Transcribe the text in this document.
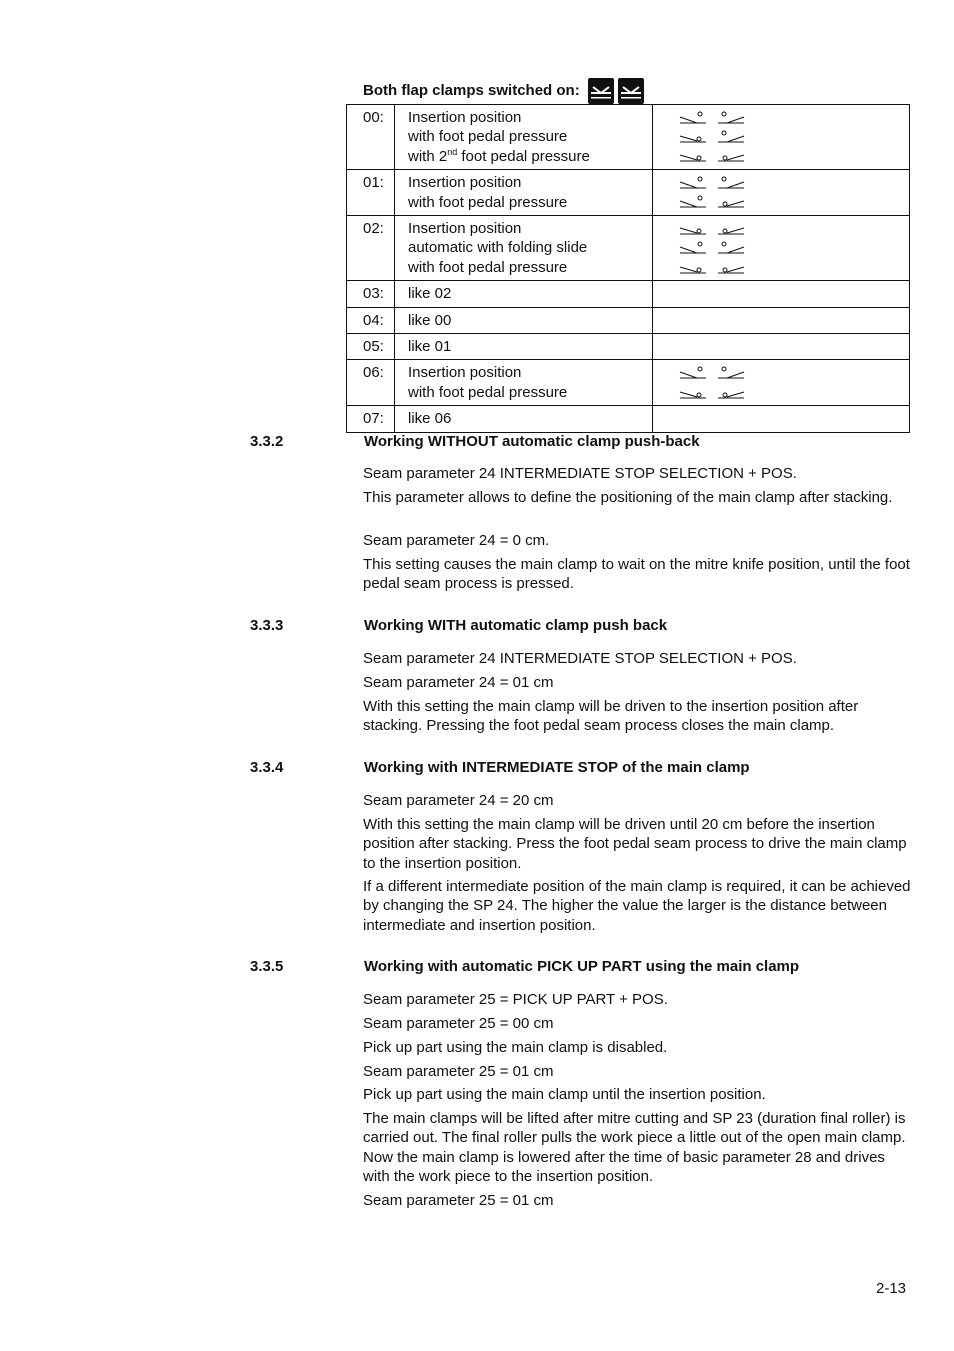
Both flap clamps switched on:
00:	Insertion position
with foot pedal pressure
with 2nd foot pedal pressure

01:	Insertion position
with foot pedal pressure

02:	Insertion position
automatic with folding slide
with foot pedal pressure

03:	like 02	
04:	like 00	
05:	like 01	
06:	Insertion position
with foot pedal pressure

07:	like 06	
3.3.2	Working WITHOUT automatic clamp push-back
Seam parameter 24 INTERMEDIATE STOP SELECTION + POS.
This parameter allows to define the positioning of the main clamp after stacking.
Seam parameter 24 = 0 cm.
This setting causes the main clamp to wait on the mitre knife position, until the foot pedal seam process is pressed.
3.3.3	Working WITH automatic clamp push back
Seam parameter 24 INTERMEDIATE STOP SELECTION + POS.
Seam parameter 24 = 01 cm
With this setting the main clamp will be driven to the insertion position after stacking. Pressing the foot pedal seam process closes the main clamp.
3.3.4	Working with INTERMEDIATE STOP of the main clamp
Seam parameter 24 = 20 cm
With this setting the main clamp will be driven until 20 cm before the insertion position after stacking. Press the foot pedal seam process to drive the main clamp to the insertion position.
If a different intermediate position of the main clamp is required, it can be achieved by changing the SP 24. The higher the value the larger is the distance between intermediate and insertion position.
3.3.5	Working with automatic PICK UP PART using the main clamp
Seam parameter 25 = PICK UP PART + POS.
Seam parameter 25 = 00 cm
Pick up part using the main clamp is disabled.
Seam parameter 25 = 01 cm
Pick up part using the main clamp until the insertion position.
The main clamps will be lifted after mitre cutting and SP 23 (duration final roller) is carried out. The final roller pulls the work piece a little out of the open main clamp. Now the main clamp is lowered after the time of basic parameter 28 and drives with the work piece to the insertion position.
Seam parameter 25 = 01 cm
2-13
